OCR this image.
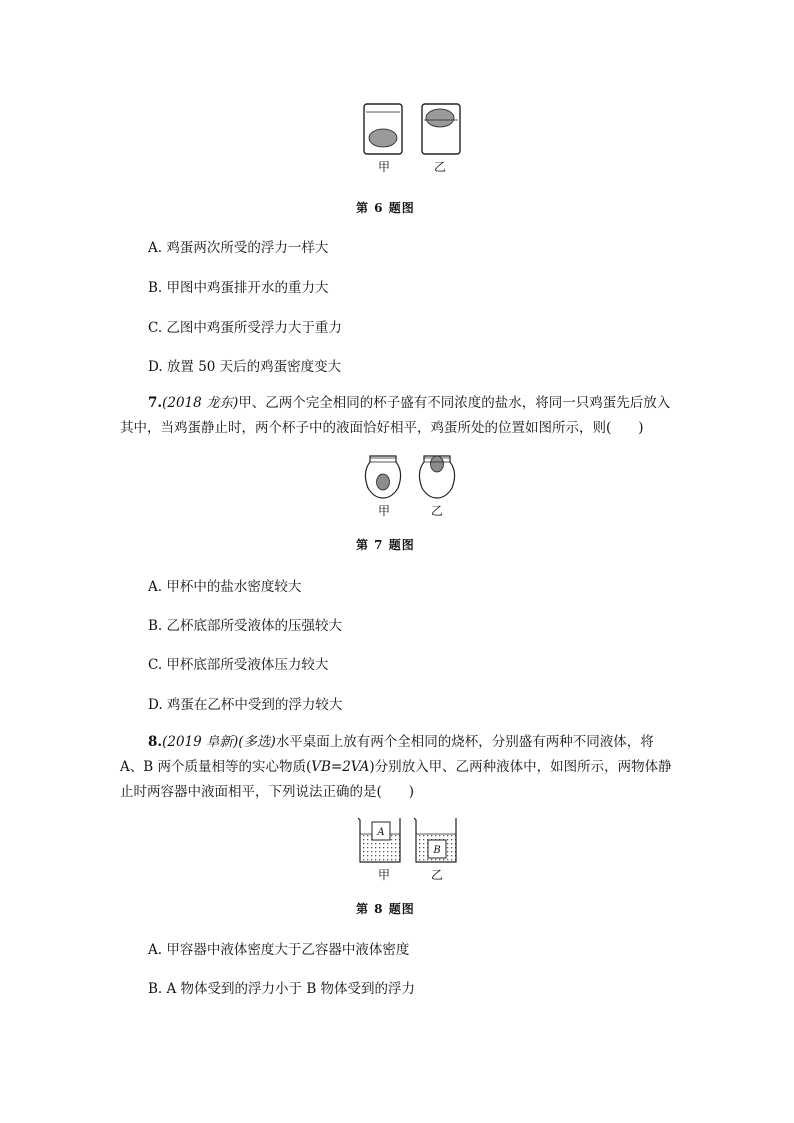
甲	乙
第 6 题图
A. 鸡蛋两次所受的浮力一样大
B. 甲图中鸡蛋排开水的重力大
C. 乙图中鸡蛋所受浮力大于重力
D. 放置 50 天后的鸡蛋密度变大
7.(2018 龙东)甲、乙两个完全相同的杯子盛有不同浓度的盐水，将同一只鸡蛋先后放入其中，当鸡蛋静止时，两个杯子中的液面恰好相平，鸡蛋所处的位置如图所示，则(　　)
甲	乙
第 7 题图
A. 甲杯中的盐水密度较大
B. 乙杯底部所受液体的压强较大
C. 甲杯底部所受液体压力较大
D. 鸡蛋在乙杯中受到的浮力较大
8.(2019 阜新)(多选)水平桌面上放有两个全相同的烧杯，分别盛有两种不同液体，将 A、B 两个质量相等的实心物质(VB=2VA)分别放入甲、乙两种液体中，如图所示，两物体静止时两容器中液面相平，下列说法正确的是(　　)
A
B
甲	乙
第 8 题图
A. 甲容器中液体密度大于乙容器中液体密度
B. A 物体受到的浮力小于 B 物体受到的浮力
